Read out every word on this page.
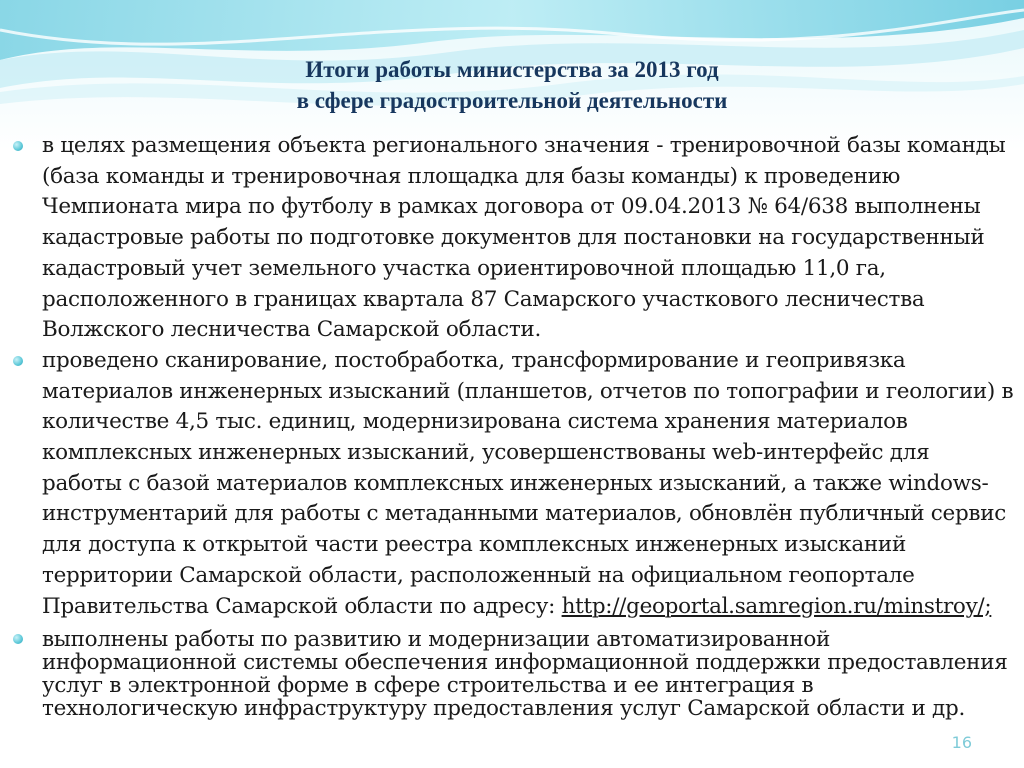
Итоги работы министерства за 2013 год
в сфере градостроительной деятельности
в целях размещения объекта регионального значения - тренировочной базы команды (база команды и тренировочная площадка для базы команды) к проведению Чемпионата мира по футболу в рамках договора от 09.04.2013 № 64/638 выполнены кадастровые работы по подготовке документов для постановки на государственный кадастровый учет земельного участка ориентировочной площадью 11,0 га, расположенного в границах квартала 87 Самарского участкового лесничества Волжского лесничества Самарской области.
проведено сканирование, постобработка, трансформирование и геопривязка материалов инженерных изысканий (планшетов, отчетов по топографии и геологии) в количестве 4,5 тыс. единиц, модернизирована система хранения материалов комплексных инженерных изысканий, усовершенствованы web-интерфейс для работы с базой материалов комплексных инженерных изысканий, а также windows-инструментарий для работы с метаданными материалов, обновлён публичный сервис для доступа к открытой части реестра комплексных инженерных изысканий территории Самарской области, расположенный на официальном геопортале Правительства Самарской области по адресу: http://geoportal.samregion.ru/minstroy/;
выполнены работы по развитию и модернизации автоматизированной информационной системы обеспечения информационной поддержки предоставления услуг в электронной форме в сфере строительства и ее интеграция в технологическую инфраструктуру предоставления услуг Самарской области и др.
16
